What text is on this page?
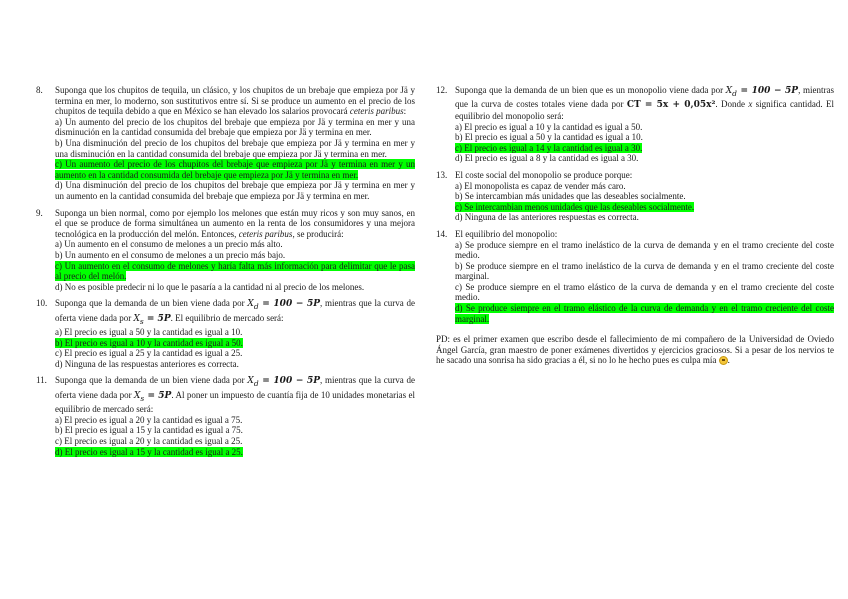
8.	Suponga que los chupitos de tequila, un clásico, y los chupitos de un brebaje que empieza por Jä y termina en mer, lo moderno, son sustitutivos entre sí. Si se produce un aumento en el precio de los chupitos de tequila debido a que en México se han elevado los salarios provocará ceteris paribus:
a) Un aumento del precio de los chupitos del brebaje que empieza por Jä y termina en mer y una disminución en la cantidad consumida del brebaje que empieza por Jä y termina en mer.
b) Una disminución del precio de los chupitos del brebaje que empieza por Jä y termina en mer y una disminución en la cantidad consumida del brebaje que empieza por Jä y termina en mer.
c) Un aumento del precio de los chupitos del brebaje que empieza por Jä y termina en mer y un aumento en la cantidad consumida del brebaje que empieza por Jä y termina en mer.
d) Una disminución del precio de los chupitos del brebaje que empieza por Jä y termina en mer y un aumento en la cantidad consumida del brebaje que empieza por Jä y termina en mer.
9.	Suponga un bien normal, como por ejemplo los melones que están muy ricos y son muy sanos, en el que se produce de forma simultánea un aumento en la renta de los consumidores y una mejora tecnológica en la producción del melón. Entonces, ceteris paribus, se producirá:
a) Un aumento en el consumo de melones a un precio más alto.
b) Un aumento en el consumo de melones a un precio más bajo.
c) Un aumento en el consumo de melones y haría falta más información para delimitar que le pasa al precio del melón.
d) No es posible predecir ni lo que le pasaría a la cantidad ni al precio de los melones.
10. Suponga que la demanda de un bien viene dada por $X_d = 100 - 5P$, mientras que la curva de oferta viene dada por $X_s = 5P$. El equilibrio de mercado será:
a) El precio es igual a 50 y la cantidad es igual a 10.
b) El precio es igual a 10 y la cantidad es igual a 50.
c) El precio es igual a 25 y la cantidad es igual a 25.
d) Ninguna de las respuestas anteriores es correcta.
11. Suponga que la demanda de un bien viene dada por $X_d = 100 - 5P$, mientras que la curva de oferta viene dada por $X_s = 5P$. Al poner un impuesto de cuantía fija de 10 unidades monetarias el equilibrio de mercado será:
a) El precio es igual a 20 y la cantidad es igual a 75.
b) El precio es igual a 15 y la cantidad es igual a 75.
c) El precio es igual a 20 y la cantidad es igual a 25.
d) El precio es igual a 15 y la cantidad es igual a 25.
12. Suponga que la demanda de un bien que es un monopolio viene dada por $X_d = 100 - 5P$, mientras que la curva de costes totales viene dada por CT = 5x + 0,05x². Donde x significa cantidad. El equilibrio del monopolio será:
a) El precio es igual a 10 y la cantidad es igual a 50.
b) El precio es igual a 50 y la cantidad es igual a 10.
c) El precio es igual a 14 y la cantidad es igual a 30.
d) El precio es igual a 8 y la cantidad es igual a 30.
13. El coste social del monopolio se produce porque:
a) El monopolista es capaz de vender más caro.
b) Se intercambian más unidades que las deseables socialmente.
c) Se intercambian menos unidades que las deseables socialmente.
d) Ninguna de las anteriores respuestas es correcta.
14. El equilibrio del monopolio:
a) Se produce siempre en el tramo inelástico de la curva de demanda y en el tramo creciente del coste medio.
b) Se produce siempre en el tramo inelástico de la curva de demanda y en el tramo creciente del coste marginal.
c) Se produce siempre en el tramo elástico de la curva de demanda y en el tramo creciente del coste medio.
d) Se produce siempre en el tramo elástico de la curva de demanda y en el tramo creciente del coste marginal.
PD: es el primer examen que escribo desde el fallecimiento de mi compañero de la Universidad de Oviedo Ángel García, gran maestro de poner exámenes divertidos y ejercicios graciosos. Si a pesar de los nervios te he sacado una sonrisa ha sido gracias a él, si no lo he hecho pues es culpa mía .
